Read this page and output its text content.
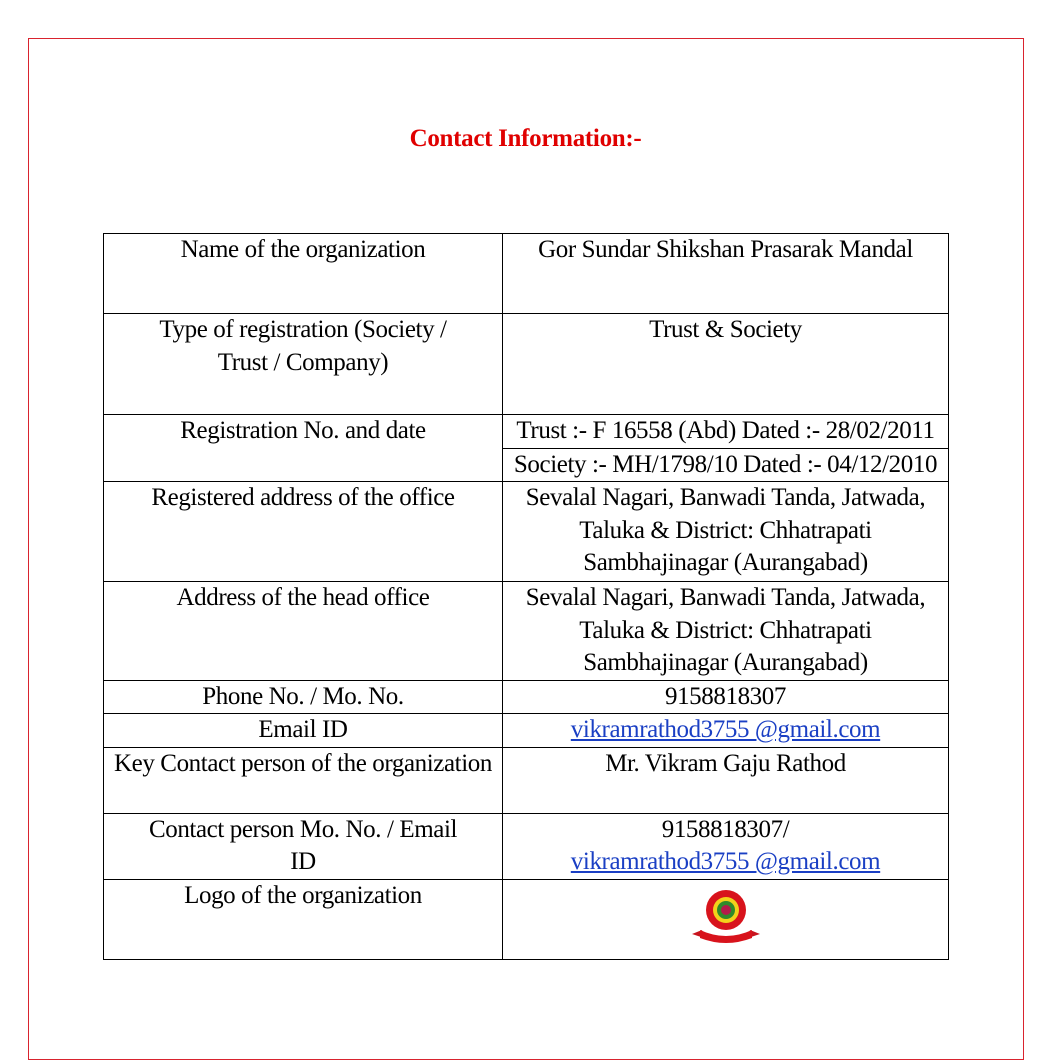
Contact Information:-
Name of the organization	Gor Sundar Shikshan Prasarak Mandal
Type of registration (Society / Trust / Company)	Trust & Society
Registration No. and date	Trust :- F 16558 (Abd) Dated :- 28/02/2011
	Society :- MH/1798/10 Dated :- 04/12/2010
Registered address of the office	Sevalal Nagari, Banwadi Tanda, Jatwada, Taluka & District: Chhatrapati Sambhajinagar (Aurangabad)
Address of the head office	Sevalal Nagari, Banwadi Tanda, Jatwada, Taluka & District: Chhatrapati Sambhajinagar (Aurangabad)
Phone No. / Mo. No.	9158818307
Email ID	vikramrathod3755 @gmail.com
Key Contact person of the organization	Mr. Vikram Gaju Rathod
Contact person Mo. No. / Email ID	9158818307/
vikramrathod3755 @gmail.com
Logo of the organization	
